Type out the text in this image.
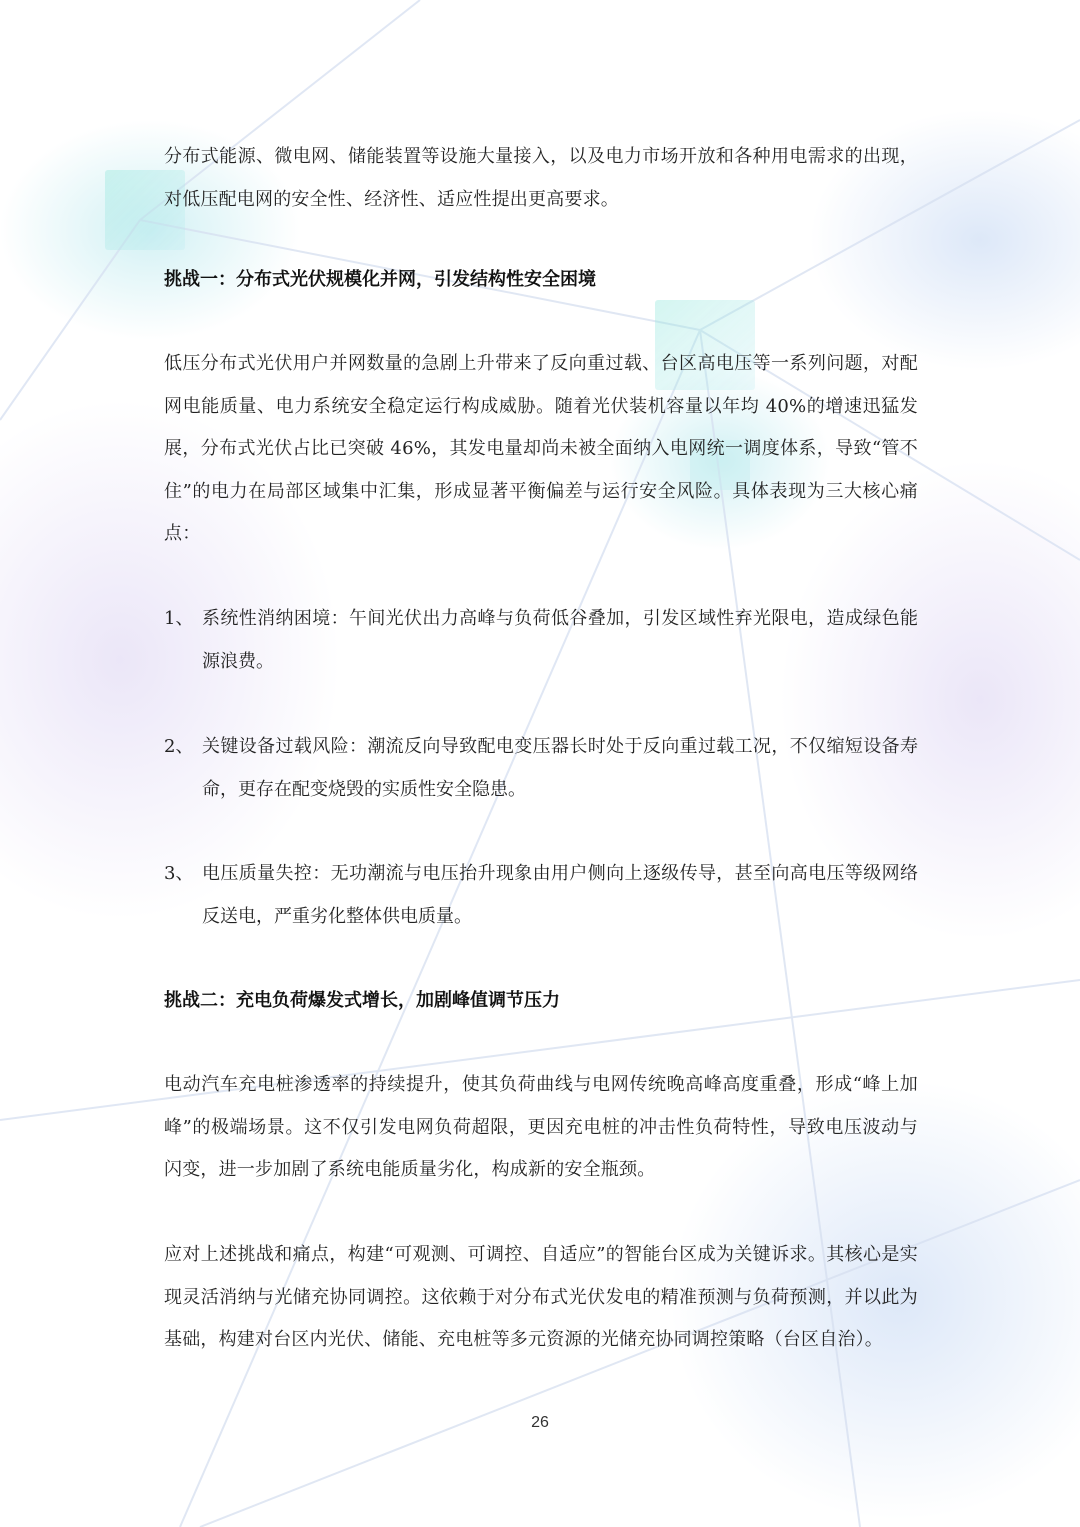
分布式能源、微电网、储能装置等设施大量接入，以及电力市场开放和各种用电需求的出现，对低压配电网的安全性、经济性、适应性提出更高要求。

挑战一：分布式光伏规模化并网，引发结构性安全困境

低压分布式光伏用户并网数量的急剧上升带来了反向重过载、台区高电压等一系列问题，对配网电能质量、电力系统安全稳定运行构成威胁。随着光伏装机容量以年均 40%的增速迅猛发展，分布式光伏占比已突破 46%，其发电量却尚未被全面纳入电网统一调度体系，导致“管不住”的电力在局部区域集中汇集，形成显著平衡偏差与运行安全风险。具体表现为三大核心痛点：

1、 系统性消纳困境：午间光伏出力高峰与负荷低谷叠加，引发区域性弃光限电，造成绿色能源浪费。
2、 关键设备过载风险：潮流反向导致配电变压器长时处于反向重过载工况，不仅缩短设备寿命，更存在配变烧毁的实质性安全隐患。
3、 电压质量失控：无功潮流与电压抬升现象由用户侧向上逐级传导，甚至向高电压等级网络反送电，严重劣化整体供电质量。
挑战二：充电负荷爆发式增长，加剧峰值调节压力

电动汽车充电桩渗透率的持续提升，使其负荷曲线与电网传统晚高峰高度重叠，形成“峰上加峰”的极端场景。这不仅引发电网负荷超限，更因充电桩的冲击性负荷特性，导致电压波动与闪变，进一步加剧了系统电能质量劣化，构成新的安全瓶颈。

应对上述挑战和痛点，构建“可观测、可调控、自适应”的智能台区成为关键诉求。其核心是实现灵活消纳与光储充协同调控。这依赖于对分布式光伏发电的精准预测与负荷预测，并以此为基础，构建对台区内光伏、储能、充电桩等多元资源的光储充协同调控策略（台区自治）。

26
